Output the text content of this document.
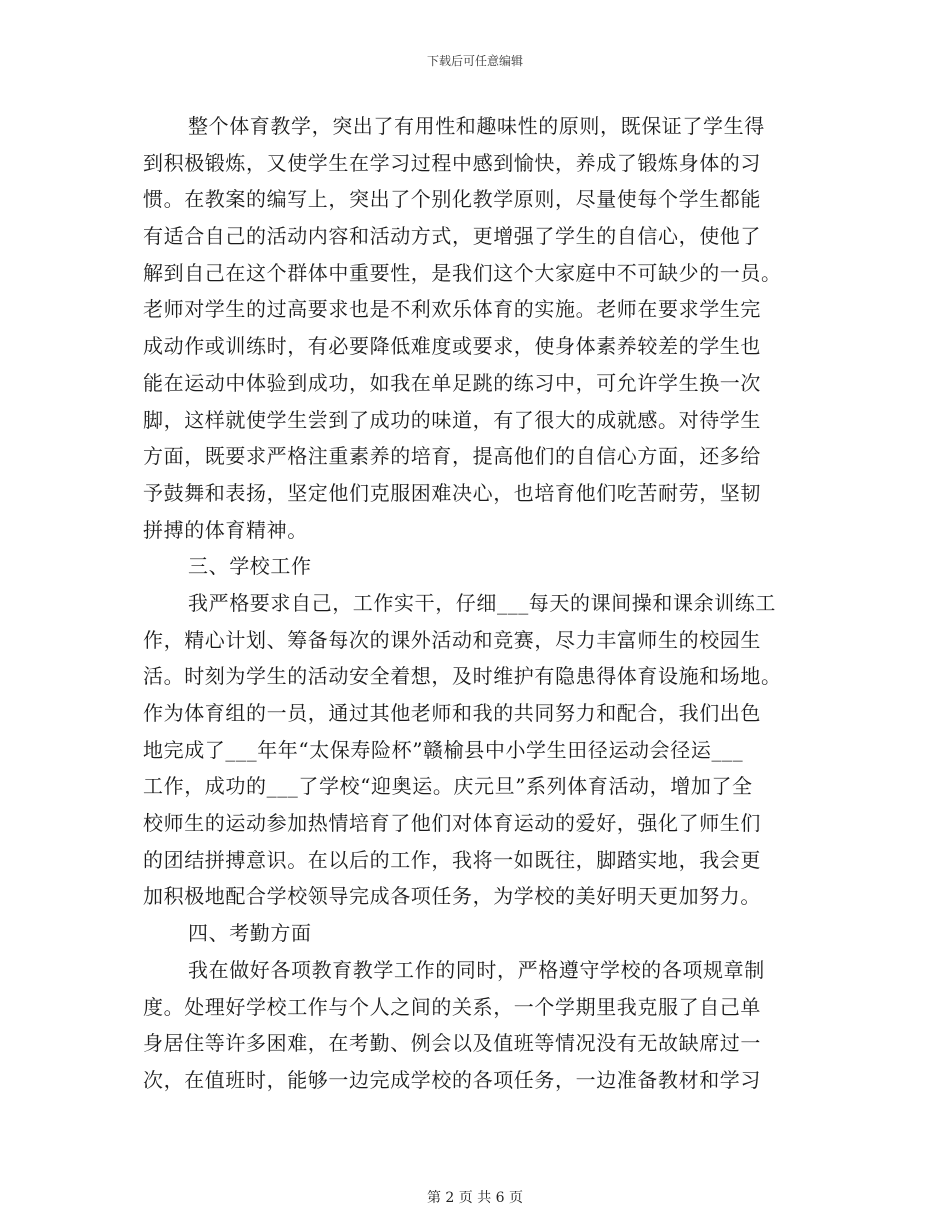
下载后可任意编辑
整个体育教学，突出了有用性和趣味性的原则，既保证了学生得
到积极锻炼，又使学生在学习过程中感到愉快，养成了锻炼身体的习
惯。在教案的编写上，突出了个别化教学原则，尽量使每个学生都能
有适合自己的活动内容和活动方式，更增强了学生的自信心，使他了
解到自己在这个群体中重要性，是我们这个大家庭中不可缺少的一员。
老师对学生的过高要求也是不利欢乐体育的实施。老师在要求学生完
成动作或训练时，有必要降低难度或要求，使身体素养较差的学生也
能在运动中体验到成功，如我在单足跳的练习中，可允许学生换一次
脚，这样就使学生尝到了成功的味道，有了很大的成就感。对待学生
方面，既要求严格注重素养的培育，提高他们的自信心方面，还多给
予鼓舞和表扬，坚定他们克服困难决心，也培育他们吃苦耐劳，坚韧
拼搏的体育精神。
三、学校工作
我严格要求自己，工作实干，仔细___每天的课间操和课余训练工
作，精心计划、筹备每次的课外活动和竞赛，尽力丰富师生的校园生
活。时刻为学生的活动安全着想，及时维护有隐患得体育设施和场地。
作为体育组的一员，通过其他老师和我的共同努力和配合，我们出色
地完成了___年年“太保寿险杯”赣榆县中小学生田径运动会径运___
工作，成功的___了学校“迎奥运。庆元旦”系列体育活动，增加了全
校师生的运动参加热情培育了他们对体育运动的爱好，强化了师生们
的团结拼搏意识。在以后的工作，我将一如既往，脚踏实地，我会更
加积极地配合学校领导完成各项任务，为学校的美好明天更加努力。
四、考勤方面
我在做好各项教育教学工作的同时，严格遵守学校的各项规章制
度。处理好学校工作与个人之间的关系，一个学期里我克服了自己单
身居住等许多困难，在考勤、例会以及值班等情况没有无故缺席过一
次，在值班时，能够一边完成学校的各项任务，一边准备教材和学习
第 2 页 共 6 页
